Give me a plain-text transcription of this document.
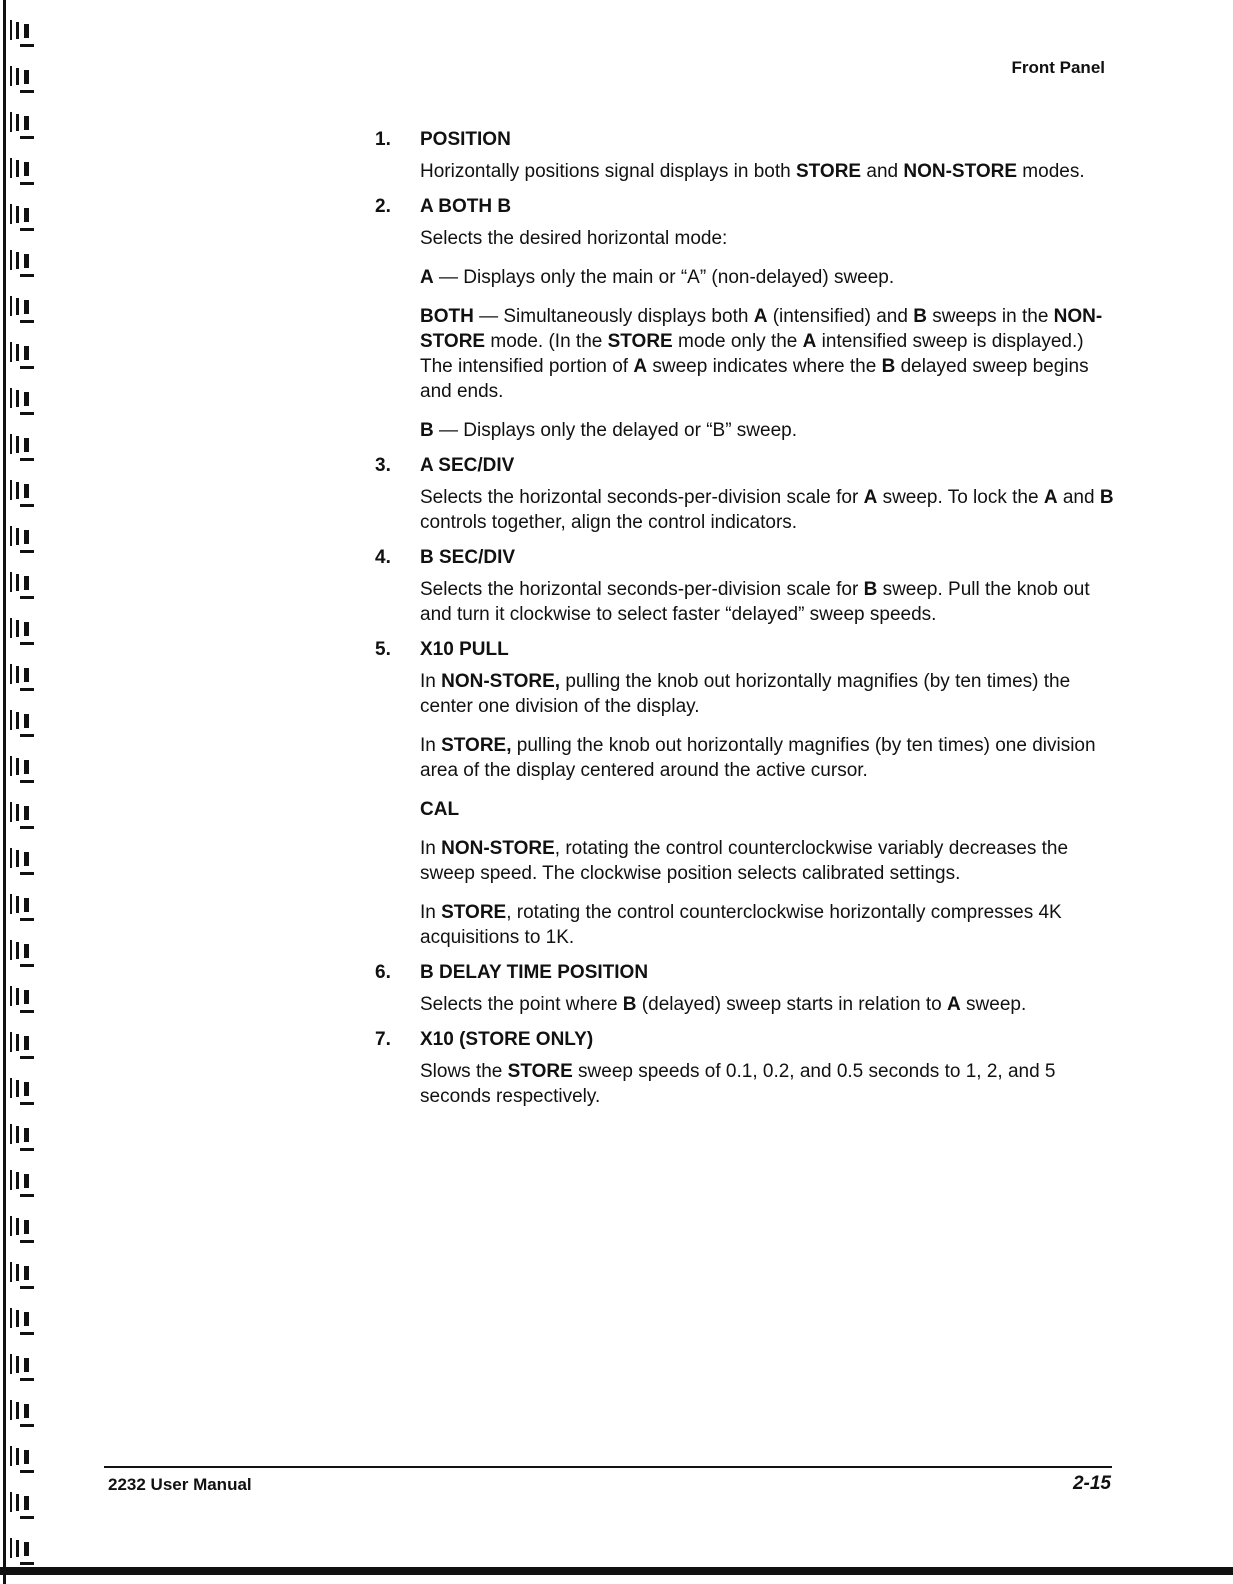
Front Panel
1. POSITION

Horizontally positions signal displays in both STORE and NON-STORE modes.

2. A BOTH B

Selects the desired horizontal mode:

A — Displays only the main or “A” (non-delayed) sweep.

BOTH — Simultaneously displays both A (intensified) and B sweeps in the NON-STORE mode. (In the STORE mode only the A intensified sweep is displayed.) The intensified portion of A sweep indicates where the B delayed sweep begins and ends.

B — Displays only the delayed or “B” sweep.

3. A SEC/DIV

Selects the horizontal seconds-per-division scale for A sweep. To lock the A and B controls together, align the control indicators.

4. B SEC/DIV

Selects the horizontal seconds-per-division scale for B sweep. Pull the knob out and turn it clockwise to select faster “delayed” sweep speeds.

5. X10 PULL

In NON-STORE, pulling the knob out horizontally magnifies (by ten times) the center one division of the display.

In STORE, pulling the knob out horizontally magnifies (by ten times) one division area of the display centered around the active cursor.

CAL

In NON-STORE, rotating the control counterclockwise variably decreases the sweep speed. The clockwise position selects calibrated settings.

In STORE, rotating the control counterclockwise horizontally compresses 4K acquisitions to 1K.

6. B DELAY TIME POSITION

Selects the point where B (delayed) sweep starts in relation to A sweep.

7. X10 (STORE ONLY)

Slows the STORE sweep speeds of 0.1, 0.2, and 0.5 seconds to 1, 2, and 5 seconds respectively.

2232 User Manual	2-15
